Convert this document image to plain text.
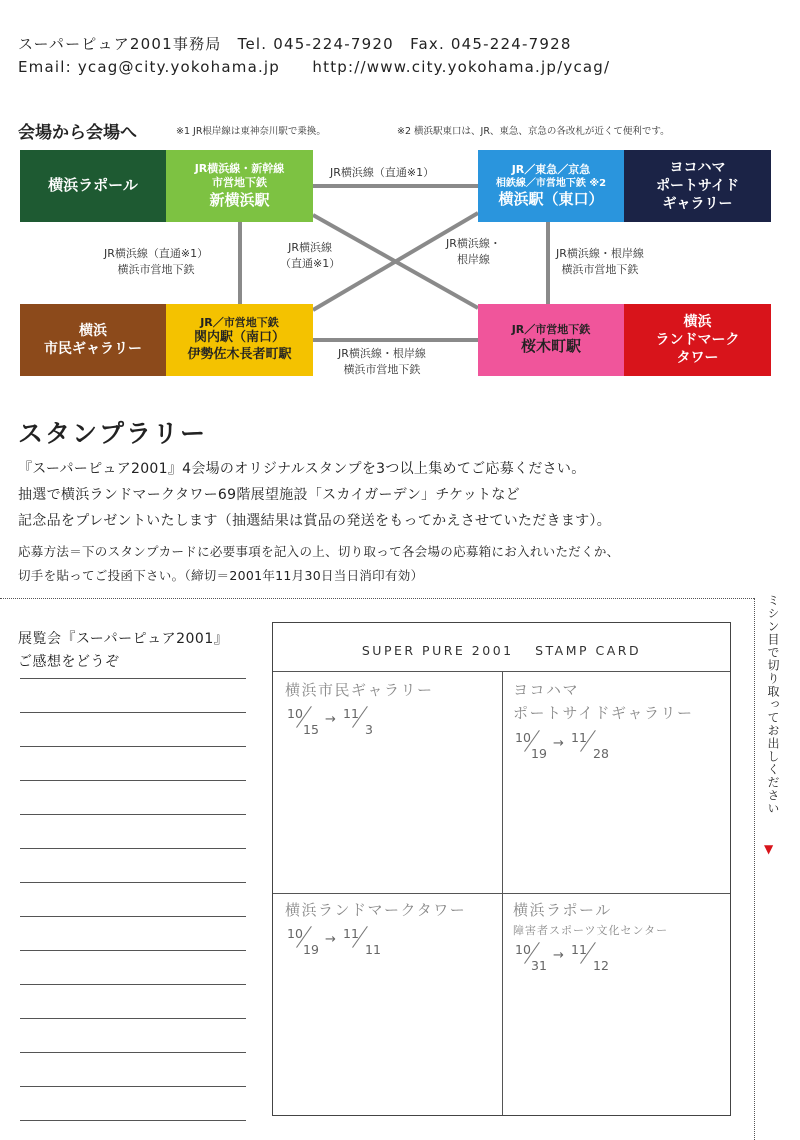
スーパーピュア2001事務局　Tel. 045-224-7920　Fax. 045-224-7928
Email: ycag@city.yokohama.jp　　http://www.city.yokohama.jp/ycag/
会場から会場へ	※1 JR根岸線は東神奈川駅で乗換。	※2 横浜駅東口は、JR、東急、京急の各改札が近くて便利です。
JR横浜線（直通※1）
JR横浜線（直通※1）
横浜市営地下鉄
JR横浜線
（直通※1）
JR横浜線・
根岸線	JR横浜線・根岸線
横浜市営地下鉄
JR横浜線・根岸線
横浜市営地下鉄
横浜ラポール
JR横浜線・新幹線
市営地下鉄
新横浜駅
JR／東急／京急
相鉄線／市営地下鉄 ※2
横浜駅（東口）
ヨコハマ
ポートサイド
ギャラリー
横浜
市民ギャラリー
JR／市営地下鉄
関内駅（南口）
伊勢佐木長者町駅
JR／市営地下鉄
桜木町駅
横浜
ランドマーク
タワー
スタンプラリー
『スーパーピュア2001』4会場のオリジナルスタンプを3つ以上集めてご応募ください。
抽選で横浜ランドマークタワー69階展望施設「スカイガーデン」チケットなど
記念品をプレゼントいたします（抽選結果は賞品の発送をもってかえさせていただきます）。
応募方法＝下のスタンプカードに必要事項を記入の上、切り取って各会場の応募箱にお入れいただくか、
切手を貼ってご投函下さい。（締切＝2001年11月30日当日消印有効）
ミシン目で切り取ってお出しください
▼
展覧会『スーパーピュア2001』
ご感想をどうぞ
SUPER PURE 2001　 STAMP CARD
横浜市民ギャラリー
10
15
→ 11
3
ヨコハマ
ポートサイドギャラリー
10
19
→ 11
28
横浜ランドマークタワー
10
19
→ 11
11
横浜ラポール
障害者スポーツ文化センター
10
31
→ 11
12
